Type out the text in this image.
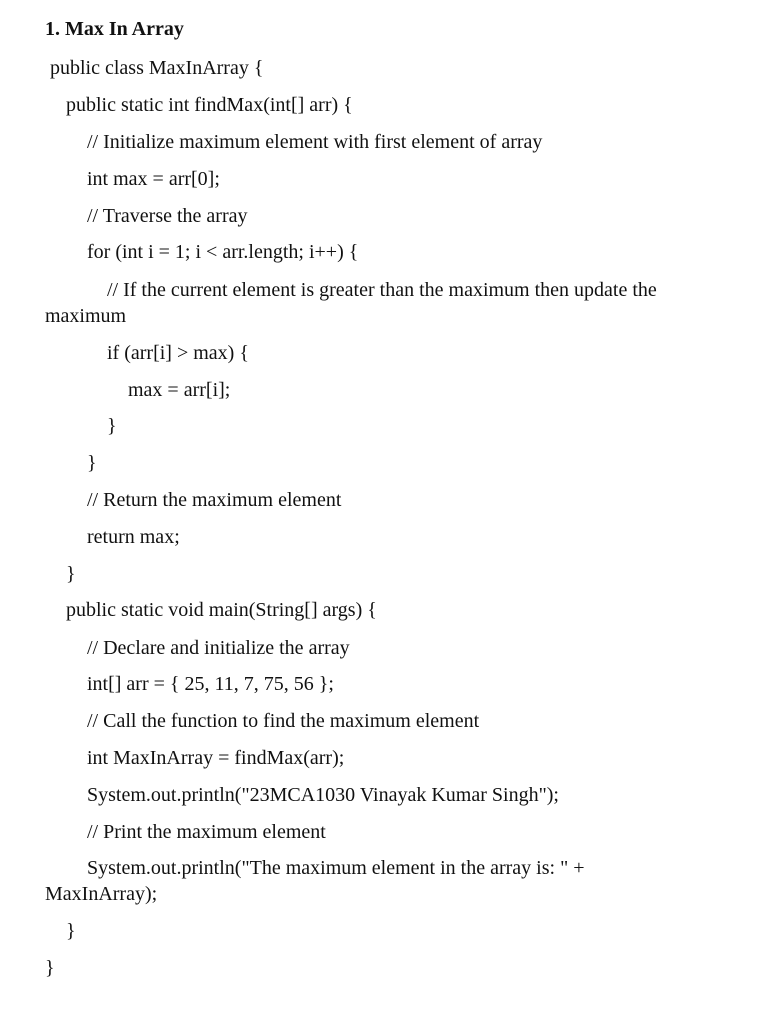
1. Max In Array
public class MaxInArray {
public static int findMax(int[] arr) {
// Initialize maximum element with first element of array
int max = arr[0];
// Traverse the array
for (int i = 1; i < arr.length; i++) {
// If the current element is greater than the maximum then update the
maximum
if (arr[i] > max) {
max = arr[i];
}
}
// Return the maximum element
return max;
}
public static void main(String[] args) {
// Declare and initialize the array
int[] arr = { 25, 11, 7, 75, 56 };
// Call the function to find the maximum element
int MaxInArray = findMax(arr);
System.out.println("23MCA1030 Vinayak Kumar Singh");
// Print the maximum element
System.out.println("The maximum element in the array is: " +
MaxInArray);
}
}
